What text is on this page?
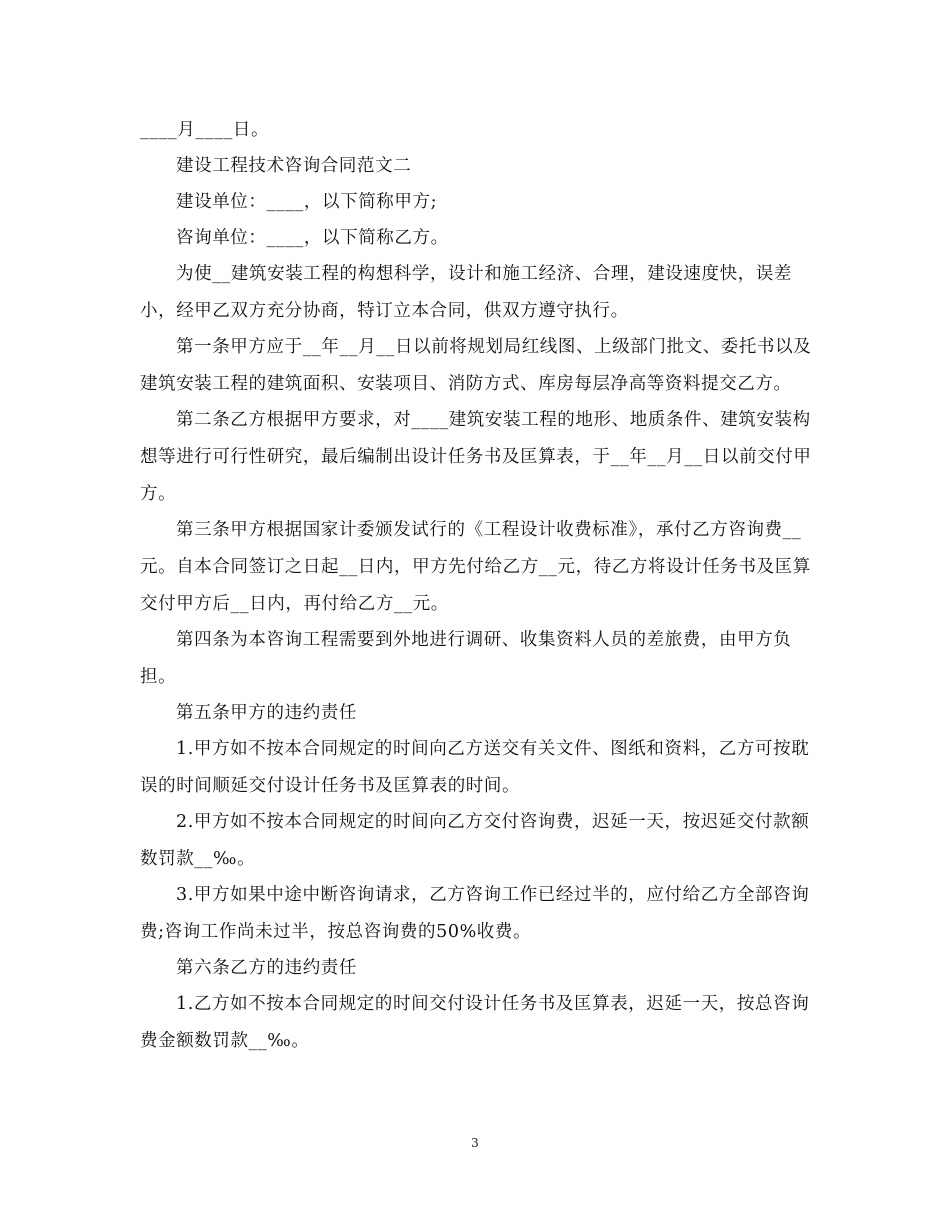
____月____日。

建设工程技术咨询合同范文二

建设单位：____，以下简称甲方;

咨询单位：____，以下简称乙方。

为使__建筑安装工程的构想科学，设计和施工经济、合理，建设速度快，误差小，经甲乙双方充分协商，特订立本合同，供双方遵守执行。

第一条甲方应于__年__月__日以前将规划局红线图、上级部门批文、委托书以及建筑安装工程的建筑面积、安装项目、消防方式、库房每层净高等资料提交乙方。

第二条乙方根据甲方要求，对____建筑安装工程的地形、地质条件、建筑安装构想等进行可行性研究，最后编制出设计任务书及匡算表，于__年__月__日以前交付甲方。

第三条甲方根据国家计委颁发试行的《工程设计收费标准》，承付乙方咨询费__元。自本合同签订之日起__日内，甲方先付给乙方__元，待乙方将设计任务书及匡算交付甲方后__日内，再付给乙方__元。

第四条为本咨询工程需要到外地进行调研、收集资料人员的差旅费，由甲方负担。

第五条甲方的违约责任

1.甲方如不按本合同规定的时间向乙方送交有关文件、图纸和资料，乙方可按耽误的时间顺延交付设计任务书及匡算表的时间。

2.甲方如不按本合同规定的时间向乙方交付咨询费，迟延一天，按迟延交付款额数罚款__‰。

3.甲方如果中途中断咨询请求，乙方咨询工作已经过半的，应付给乙方全部咨询费;咨询工作尚未过半，按总咨询费的50%收费。

第六条乙方的违约责任

1.乙方如不按本合同规定的时间交付设计任务书及匡算表，迟延一天，按总咨询费金额数罚款__‰。

3
